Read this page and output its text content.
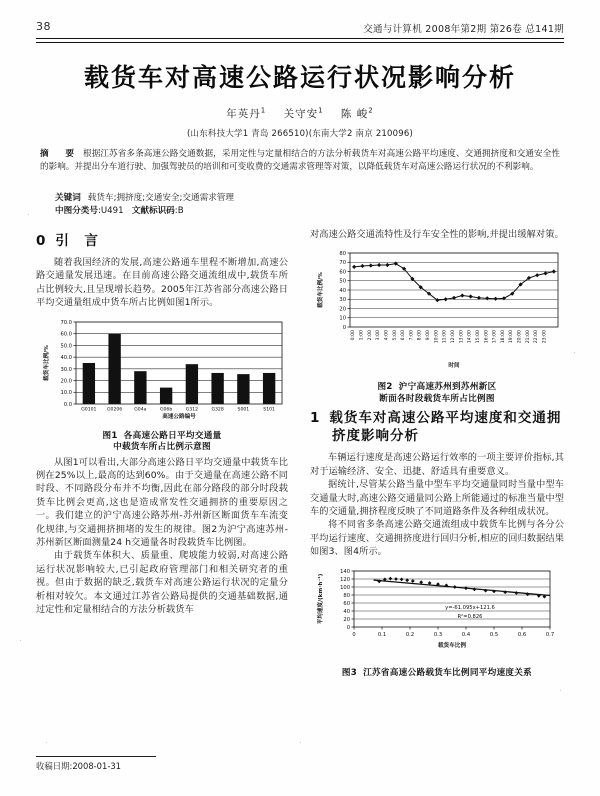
38	交通与计算机 2008年第2期 第26卷 总141期
载货车对高速公路运行状况影响分析
年英丹$^1$ 关守安$^1$ 陈 峻$^2$
(山东科技大学1 青岛 266510)(东南大学2 南京 210096)
摘　要 根据江苏省多条高速公路交通数据，采用定性与定量相结合的方法分析载货车对高速公路平均速度、交通拥挤度和交通安全性的影响。并提出分车道行驶、加强驾驶员的培训和可变收费的交通需求管理等对策，以降低载货车对高速公路运行状况的不利影响。
关键词 载货车;拥挤度;交通安全;交通需求管理
中图分类号:U491 文献标识码:B
0 引　言

随着我国经济的发展,高速公路通车里程不断增加,高速公路交通量发展迅速。在目前高速公路交通流组成中,载货车所占比例较大,且呈现增长趋势。2005年江苏省部分高速公路日平均交通量组成中货车所占比例如图1所示。

0.0
10.0
20.0
30.0
40.0
50.0
60.0
70.0
G0101 G0206	G04a	G06b	G312	G328	S001	S101
高速公路编号
载货车比例/%
图1 各高速公路日平均交通量
中载货车所占比例示意图

从图1可以看出,大部分高速公路日平均交通量中载货车比例在25%以上,最高的达到60%。由于交通量在高速公路不同时段、不同路段分布并不均衡,因此在部分路段的部分时段载货车比例会更高,这也是造成常发性交通拥挤的重要原因之一。我们建立的沪宁高速公路苏州-苏州新区断面货车车流变化规律,与交通拥挤拥堵的发生的规律。图2为沪宁高速苏州-苏州新区断面测量24 h交通量各时段载货车比例图。

由于载货车体积大、质量重、爬坡能力较弱,对高速公路运行状况影响较大,已引起政府管理部门和相关研究者的重视。但由于数据的缺乏,载货车对高速公路运行状况的定量分析相对较欠。本文通过江苏省公路局提供的交通基础数据,通过定性和定量相结合的方法分析载货车

对高速公路交通流特性及行车安全性的影响,并提出缓解对策。

0
10
20
30
40
50
60
70
80
0:00 1:00 2:00 3:00 4:00 5:00 6:00 7:00 8:00 9:00 10:00 11:00 12:00 13:00 14:00 15:00 16:00 17:00 18:00 19:00 20:00 21:00 22:00 23:00
时间
载货车比例/%
图2 沪宁高速苏州到苏州新区
断面各时段载货车所占比例图
1 载货车对高速公路平均速度和交通拥挤度影响分析

车辆运行速度是高速公路运行效率的一项主要评价指标,其对于运输经济、安全、迅捷、舒适具有重要意义。

据统计,尽管某公路当量中型车平均交通量同时当量中型车交通量大时,高速公路交通量同公路上所能通过的标准当量中型车的交通量,拥挤程度反映了不同道路条件及各种组成状况。

将不同省多条高速公路交通流组成中载货车比例与各分公平均运行速度、交通拥挤度进行回归分析,相应的回归数据结果如图3、图4所示。

0
20
40
60
80
100
120
140
0	0.1	0.2	0.3	0.4	0.5	0.6	0.7
y=-61.095x+121.6
R²=0.826
载货车比例
平均速度/(km·h⁻¹)
图3 江苏省高速公路载货车比例同平均速度关系
收稿日期:2008-01-31
